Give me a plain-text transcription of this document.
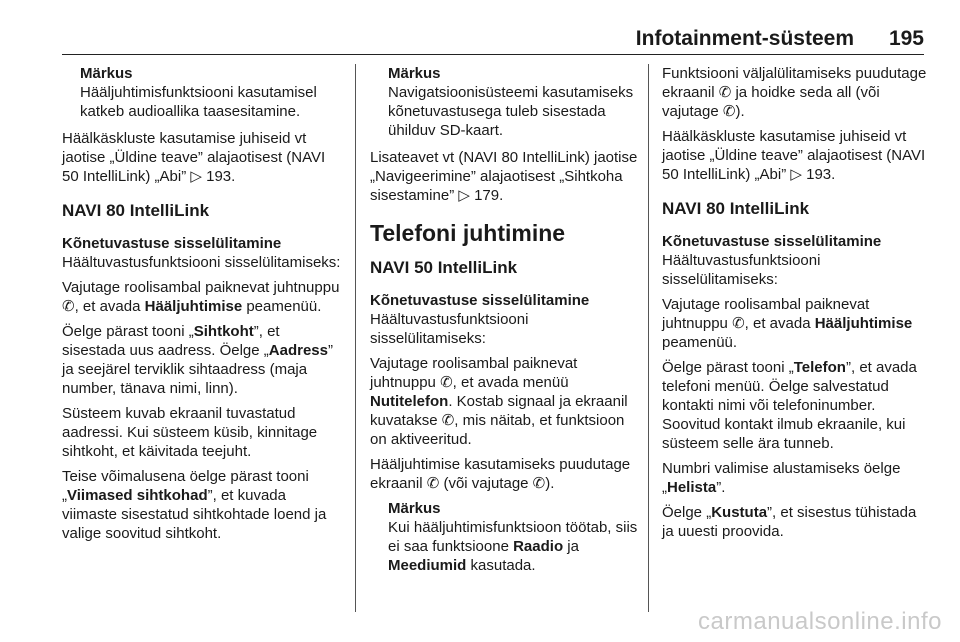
Infotainment-süsteem 195
Märkus
Hääljuhtimisfunktsiooni kasutamisel katkeb audioallika taasesitamine.

Häälkäskluste kasutamise juhiseid vt jaotise „Üldine teave” alajaotisest (NAVI 50 IntelliLink) „Abi” ▷ 193.

NAVI 80 IntelliLink
Kõnetuvastuse sisselülitamine

Häältuvastusfunktsiooni sisselülitamiseks:

Vajutage roolisambal paiknevat juhtnuppu ✆, et avada Hääljuhtimise peamenüü.

Öelge pärast tooni „Sihtkoht”, et sisestada uus aadress. Öelge „Aadress” ja seejärel terviklik sihtaadress (maja number, tänava nimi, linn).

Süsteem kuvab ekraanil tuvastatud aadressi. Kui süsteem küsib, kinnitage sihtkoht, et käivitada teejuht.

Teise võimalusena öelge pärast tooni „Viimased sihtkohad”, et kuvada viimaste sisestatud sihtkohtade loend ja valige soovitud sihtkoht.

Märkus
Navigatsioonisüsteemi kasutamiseks kõnetuvastusega tuleb sisestada ühilduv SD-kaart.

Lisateavet vt (NAVI 80 IntelliLink) jaotise „Navigeerimine” alajaotisest „Sihtkoha sisestamine” ▷ 179.

Telefoni juhtimine
NAVI 50 IntelliLink
Kõnetuvastuse sisselülitamine

Häältuvastusfunktsiooni sisselülitamiseks:

Vajutage roolisambal paiknevat juhtnuppu ✆, et avada menüü Nutitelefon. Kostab signaal ja ekraanil kuvatakse ✆, mis näitab, et funktsioon on aktiveeritud.

Hääljuhtimise kasutamiseks puudutage ekraanil ✆ (või vajutage ✆).

Märkus
Kui hääljuhtimisfunktsioon töötab, siis ei saa funktsioone Raadio ja Meediumid kasutada.

Funktsiooni väljalülitamiseks puudutage ekraanil ✆ ja hoidke seda all (või vajutage ✆).

Häälkäskluste kasutamise juhiseid vt jaotise „Üldine teave” alajaotisest (NAVI 50 IntelliLink) „Abi” ▷ 193.

NAVI 80 IntelliLink
Kõnetuvastuse sisselülitamine

Häältuvastusfunktsiooni sisselülitamiseks:

Vajutage roolisambal paiknevat juhtnuppu ✆, et avada Hääljuhtimise peamenüü.

Öelge pärast tooni „Telefon”, et avada telefoni menüü. Öelge salvestatud kontakti nimi või telefoninumber. Soovitud kontakt ilmub ekraanile, kui süsteem selle ära tunneb.

Numbri valimise alustamiseks öelge „Helista”.

Öelge „Kustuta”, et sisestus tühistada ja uuesti proovida.

carmanualsonline.info
